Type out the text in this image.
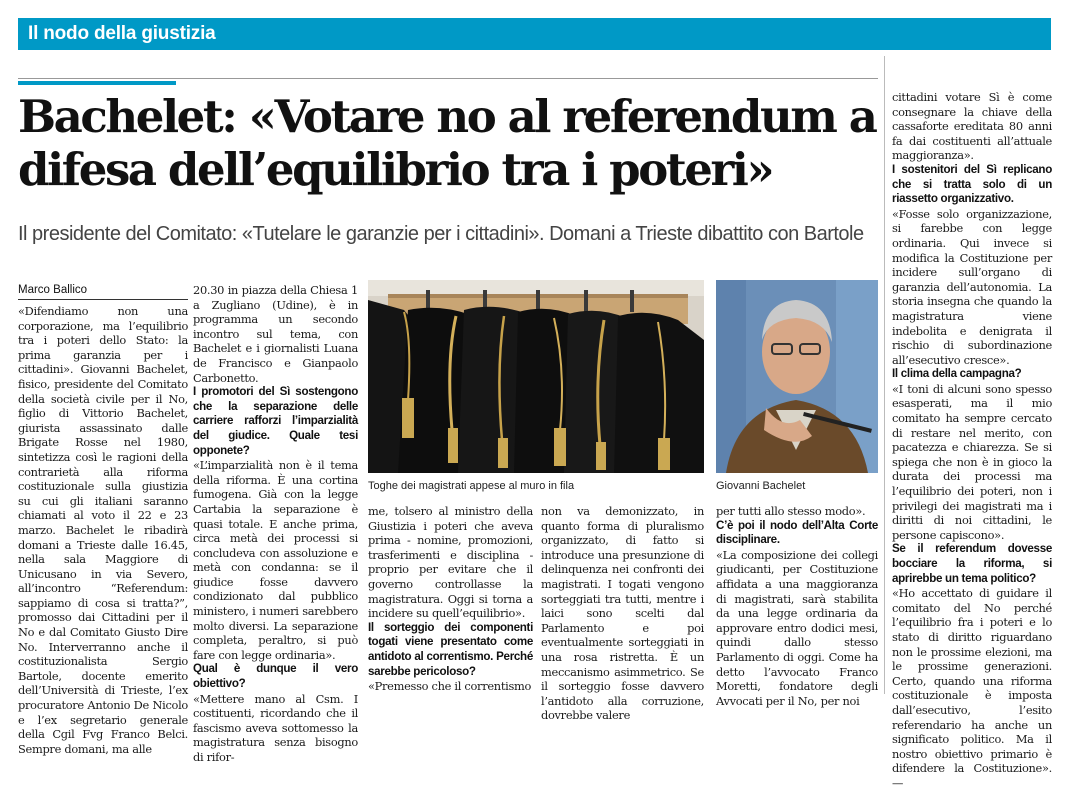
Il nodo della giustizia
Bachelet: «Votare no al referendum a difesa dell’equilibrio tra i poteri»

Il presidente del Comitato: «Tutelare le garanzie per i cittadini». Domani a Trieste dibattito con Bartole

Marco Ballico

«Difendiamo non una corporazione, ma l’equilibrio tra i poteri dello Stato: la prima garanzia per i cittadini». Giovanni Bachelet, fisico, presidente del Comitato della società civile per il No, figlio di Vittorio Bachelet, giurista assassinato dalle Brigate Rosse nel 1980, sintetizza così le ragioni della contrarietà alla riforma costituzionale sulla giustizia su cui gli italiani saranno chiamati al voto il 22 e 23 marzo. Bachelet le ribadirà domani a Trieste dalle 16.45, nella sala Maggiore di Unicusano in via Severo, all’incontro “Referendum: sappiamo di cosa si tratta?”, promosso dai Cittadini per il No e dal Comitato Giusto Dire No. Interverranno anche il costituzionalista Sergio Bartole, docente emerito dell’Università di Trieste, l’ex procuratore Antonio De Nicolo e l’ex segretario generale della Cgil Fvg Franco Belci. Sempre domani, ma alle

20.30 in piazza della Chiesa 1 a Zugliano (Udine), è in programma un secondo incontro sul tema, con Bachelet e i giornalisti Luana de Francisco e Gianpaolo Carbonetto.

I promotori del Sì sostengono che la separazione delle carriere rafforzi l’imparzialità del giudice. Quale tesi opponete?

«L’imparzialità non è il tema della riforma. È una cortina fumogena. Già con la legge Cartabia la separazione è quasi totale. E anche prima, circa metà dei processi si concludeva con assoluzione e metà con condanna: se il giudice fosse davvero condizionato dal pubblico ministero, i numeri sarebbero molto diversi. La separazione completa, peraltro, si può fare con legge ordinaria».

Qual è dunque il vero obiettivo?

«Mettere mano al Csm. I costituenti, ricordando che il fascismo aveva sottomesso la magistratura senza bisogno di rifor-

Toghe dei magistrati appese al muro in fila	Giovanni Bachelet

me, tolsero al ministro della Giustizia i poteri che aveva prima - nomine, promozioni, trasferimenti e disciplina - proprio per evitare che il governo controllasse la magistratura. Oggi si torna a incidere su quell’equilibrio».

Il sorteggio dei componenti togati viene presentato come antidoto al correntismo. Perché sarebbe pericoloso?

«Premesso che il correntismo

non va demonizzato, in quanto forma di pluralismo organizzato, di fatto si introduce una presunzione di delinquenza nei confronti dei magistrati. I togati vengono sorteggiati tra tutti, mentre i laici sono scelti dal Parlamento e poi eventualmente sorteggiati in una rosa ristretta. È un meccanismo asimmetrico. Se il sorteggio fosse davvero l’antidoto alla corruzione, dovrebbe valere

per tutti allo stesso modo».

C’è poi il nodo dell’Alta Corte disciplinare.

«La composizione dei collegi giudicanti, per Costituzione affidata a una maggioranza di magistrati, sarà stabilita da una legge ordinaria da approvare entro dodici mesi, quindi dallo stesso Parlamento di oggi. Come ha detto l’avvocato Franco Moretti, fondatore degli Avvocati per il No, per noi

cittadini votare Sì è come consegnare la chiave della cassaforte ereditata 80 anni fa dai costituenti all’attuale maggioranza».

I sostenitori del Sì replicano che si tratta solo di un riassetto organizzativo.

«Fosse solo organizzazione, si farebbe con legge ordinaria. Qui invece si modifica la Costituzione per incidere sull’organo di garanzia dell’autonomia. La storia insegna che quando la magistratura viene indebolita e denigrata il rischio di subordinazione all’esecutivo cresce».

Il clima della campagna?

«I toni di alcuni sono spesso esasperati, ma il mio comitato ha sempre cercato di restare nel merito, con pacatezza e chiarezza. Se si spiega che non è in gioco la durata dei processi ma l’equilibrio dei poteri, non i privilegi dei magistrati ma i diritti di noi cittadini, le persone capiscono».

Se il referendum dovesse bocciare la riforma, si aprirebbe un tema politico?

«Ho accettato di guidare il comitato del No perché l’equilibrio fra i poteri e lo stato di diritto riguardano non le prossime elezioni, ma le prossime generazioni. Certo, quando una riforma costituzionale è imposta dall’esecutivo, l’esito referendario ha anche un significato politico. Ma il nostro obiettivo primario è difendere la Costituzione». —
